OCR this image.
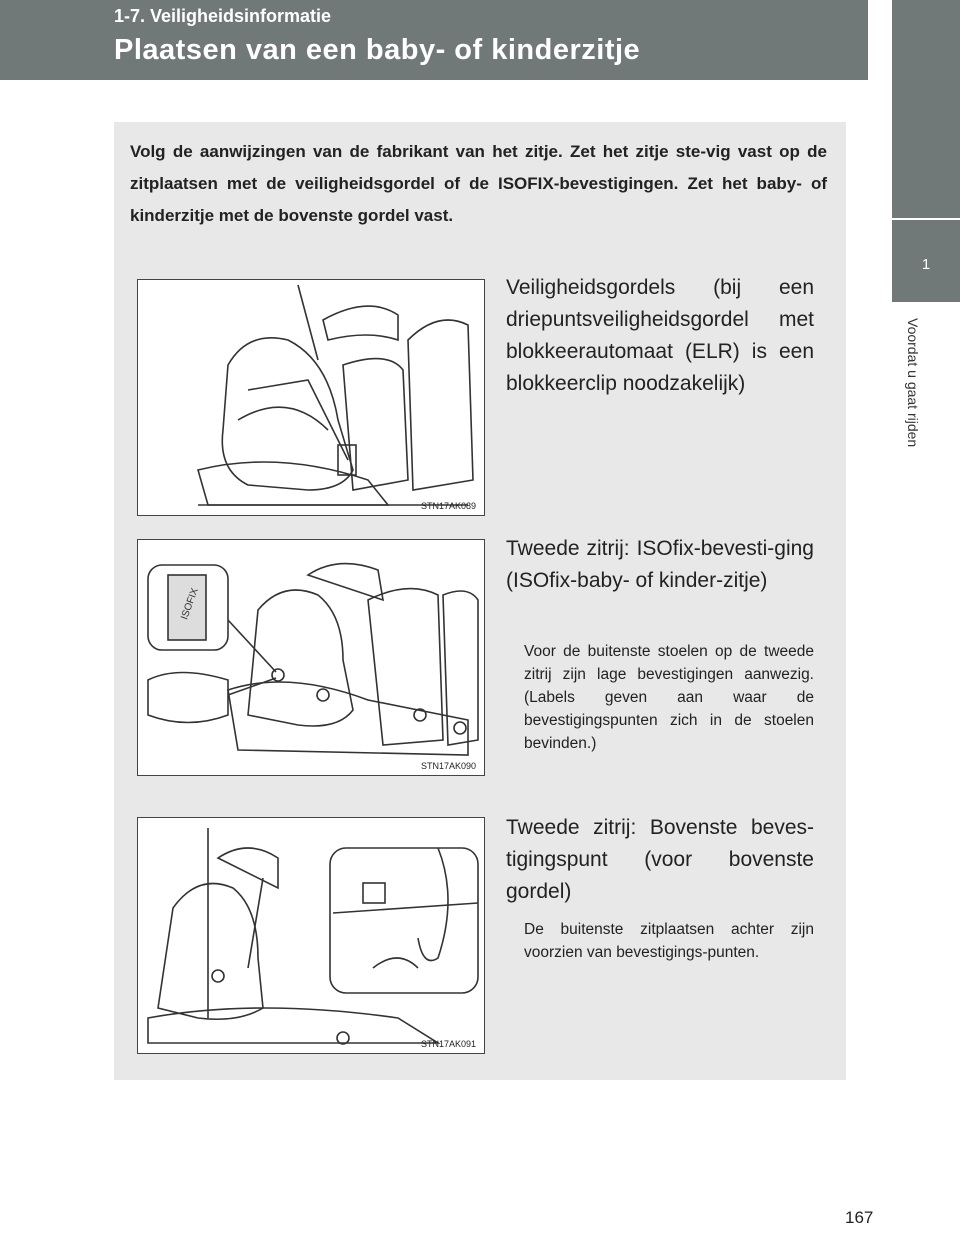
1-7. Veiligheidsinformatie
Plaatsen van een baby- of kinderzitje
1
Voordat u gaat rijden
Volg de aanwijzingen van de fabrikant van het zitje. Zet het zitje ste-vig vast op de zitplaatsen met de veiligheidsgordel of de ISOFIX-bevestigingen. Zet het baby- of kinderzitje met de bovenste gordel vast.
STN17AK089
Veiligheidsgordels (bij een driepuntsveiligheidsgordel met blokkeerautomaat (ELR) is een blokkeerclip noodzakelijk)
ISOFIX
STN17AK090
Tweede zitrij: ISOfix-bevesti-ging (ISOfix-baby- of kinder-zitje)
Voor de buitenste stoelen op de tweede zitrij zijn lage bevestigingen aanwezig. (Labels geven aan waar de bevestigingspunten zich in de stoelen bevinden.)
STN17AK091
Tweede zitrij: Bovenste beves-tigingspunt (voor bovenste gordel)
De buitenste zitplaatsen achter zijn voorzien van bevestigings-punten.
167
